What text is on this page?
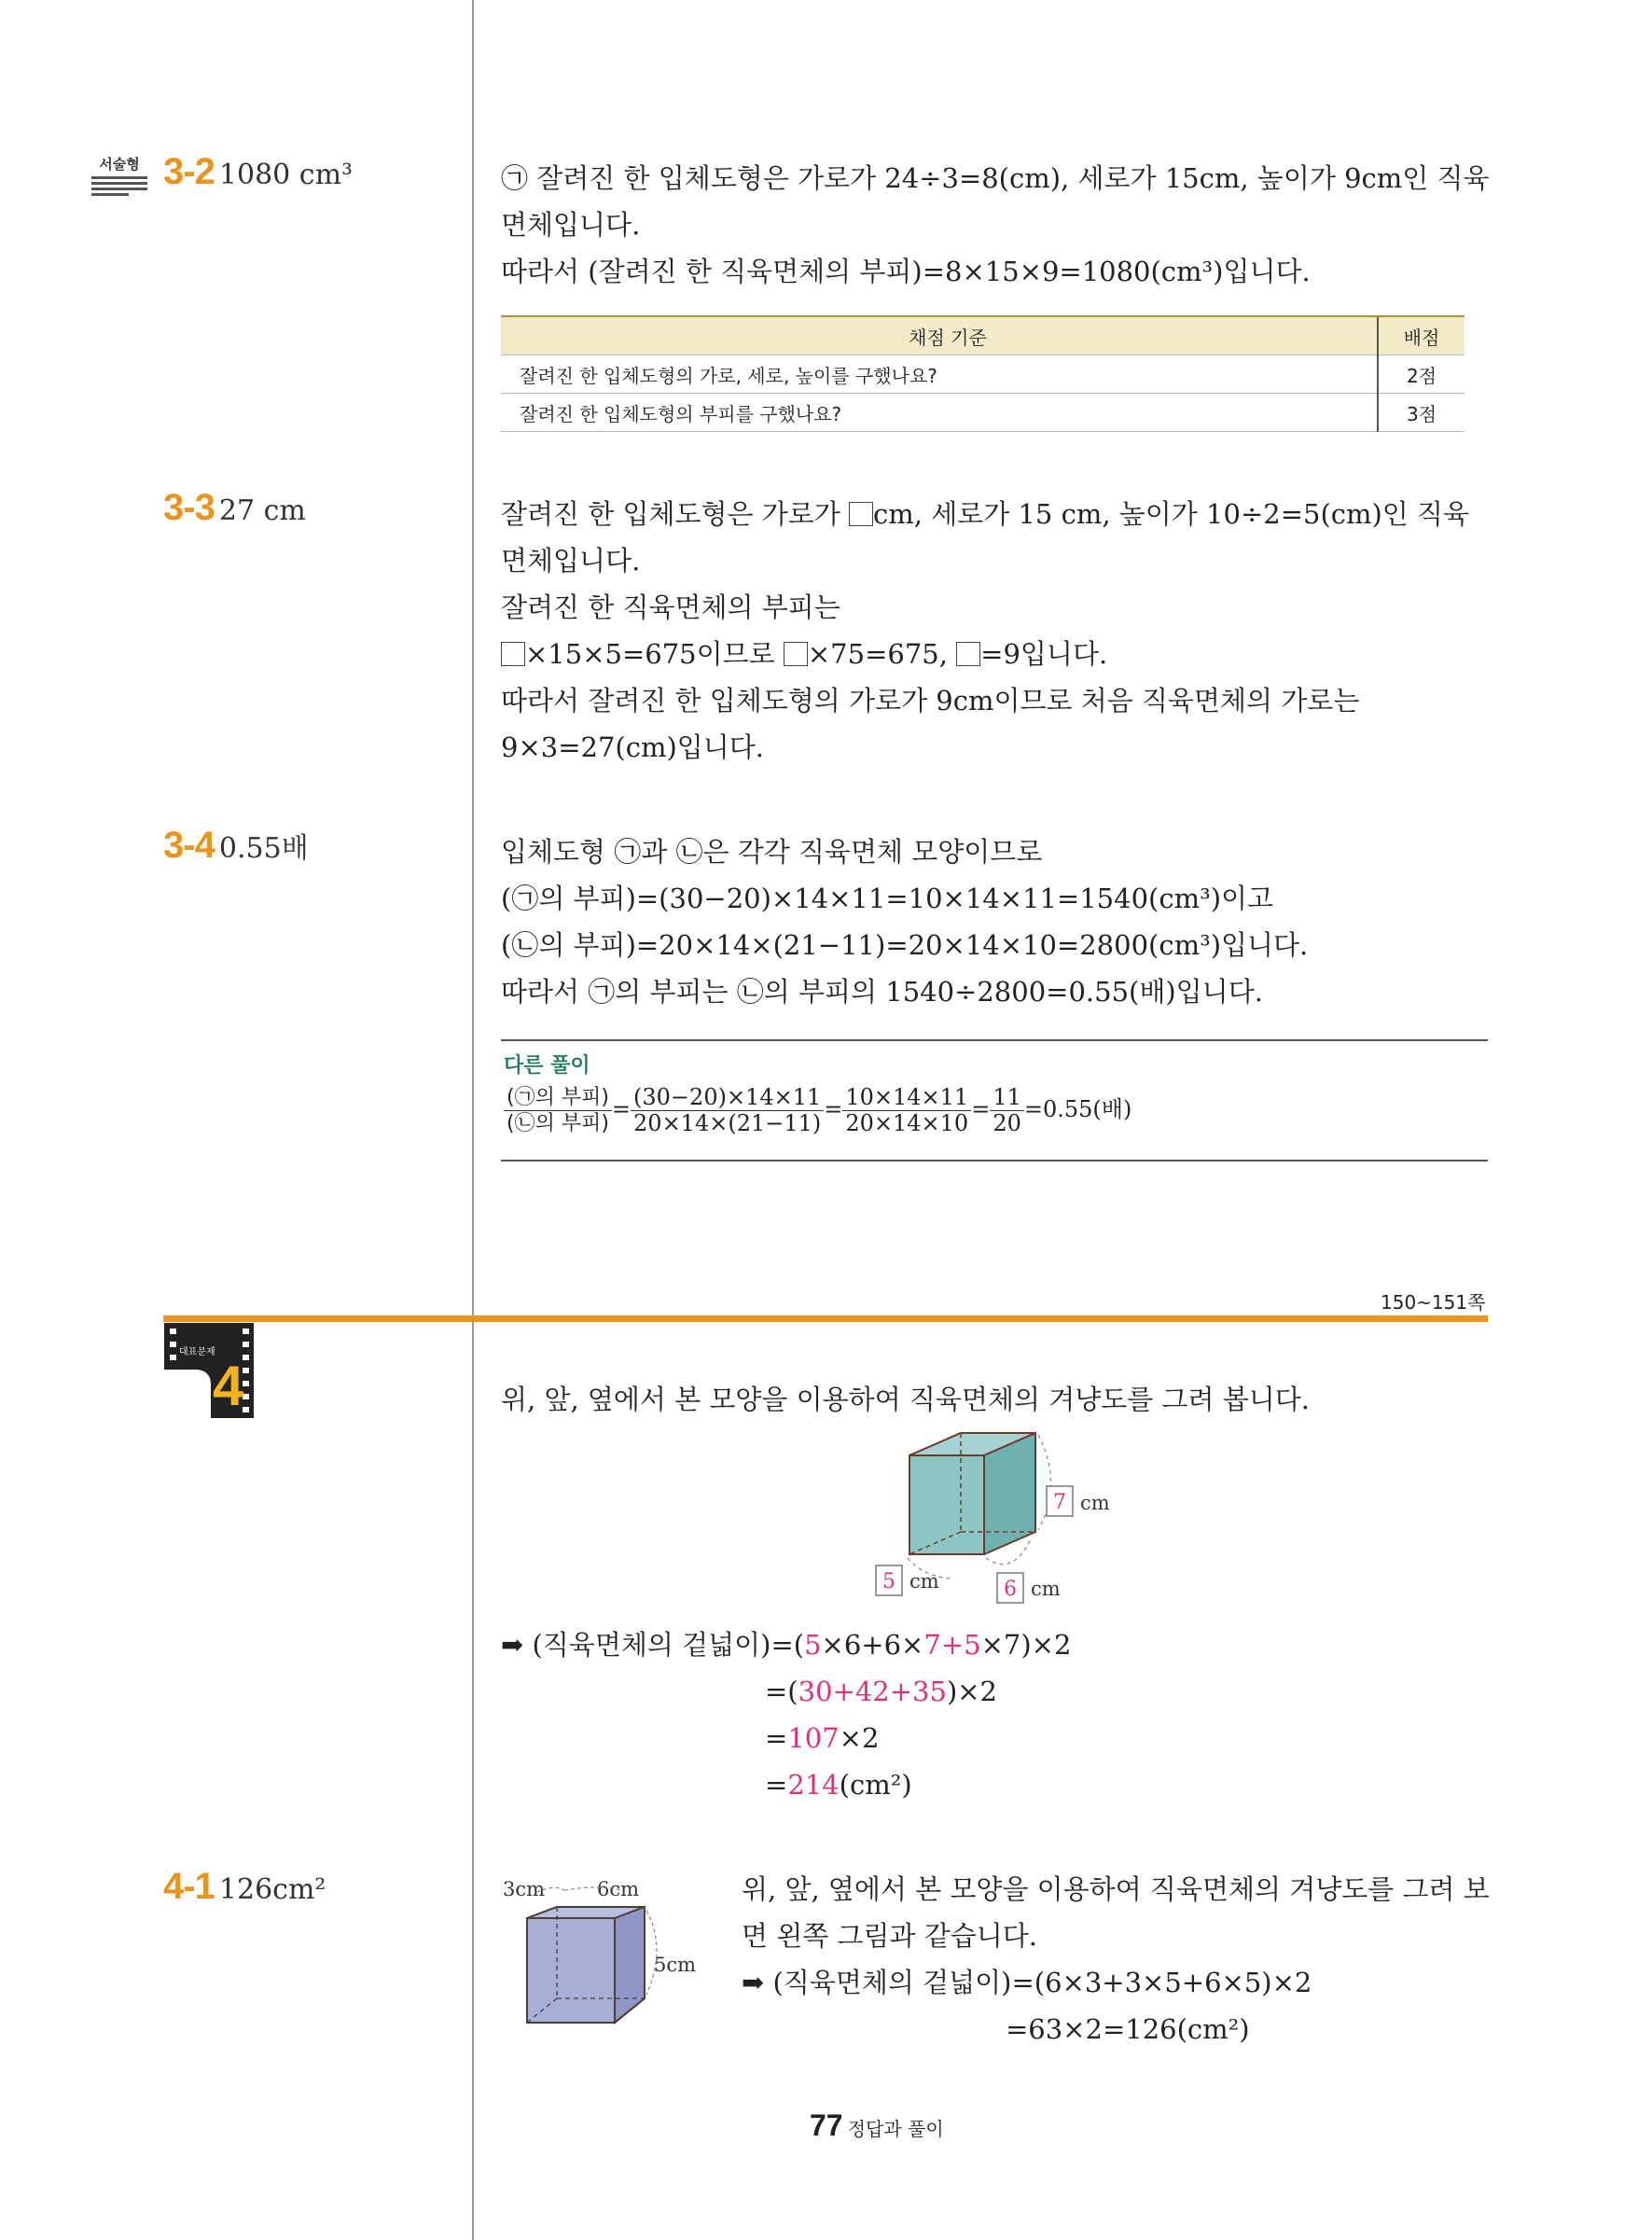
서술형 3-2 1080 cm³	㉠ 잘려진 한 입체도형은 가로가 24÷3=8(cm), 세로가 15cm, 높이가 9cm인 직육
면체입니다.
따라서 (잘려진 한 직육면체의 부피)=8×15×9=1080(cm³)입니다.
채점 기준	배점
잘려진 한 입체도형의 가로, 세로, 높이를 구했나요?	2점
잘려진 한 입체도형의 부피를 구했나요?	3점
3-3 27 cm	잘려진 한 입체도형은 가로가 cm, 세로가 15 cm, 높이가 10÷2=5(cm)인 직육
면체입니다.
잘려진 한 직육면체의 부피는
×15×5=675이므로 ×75=675, =9입니다.
따라서 잘려진 한 입체도형의 가로가 9cm이므로 처음 직육면체의 가로는
9×3=27(cm)입니다.
3-4 0.55배	입체도형 ㉠과 ㉡은 각각 직육면체 모양이므로
(㉠의 부피)=(30−20)×14×11=10×14×11=1540(cm³)이고
(㉡의 부피)=20×14×(21−11)=20×14×10=2800(cm³)입니다.
따라서 ㉠의 부피는 ㉡의 부피의 1540÷2800=0.55(배)입니다.
다른 풀이
$\frac{\text{(㉠의 부피)}}{\text{(㉡의 부피)}} = \frac{(30-20)\times 14\times 11}{20\times 14\times(21-11)} = \frac{10\times 14\times 11}{20\times 14\times 10} = \frac{11}{20} =0.55$(배)
150~151쪽
대표문제
4	위, 앞, 옆에서 본 모양을 이용하여 직육면체의 겨냥도를 그려 봅니다.
7 cm
5 cm	6 cm
➡ (직육면체의 겉넓이)=(5×6+6×7+5×7)×2
=(30+42+35)×2
=107×2
=214(cm²)
4-1 126cm²	3cm	6cm
5cm
위, 앞, 옆에서 본 모양을 이용하여 직육면체의 겨냥도를 그려 보
면 왼쪽 그림과 같습니다.
➡ (직육면체의 겉넓이)=(6×3+3×5+6×5)×2
=63×2=126(cm²)
77 정답과 풀이
